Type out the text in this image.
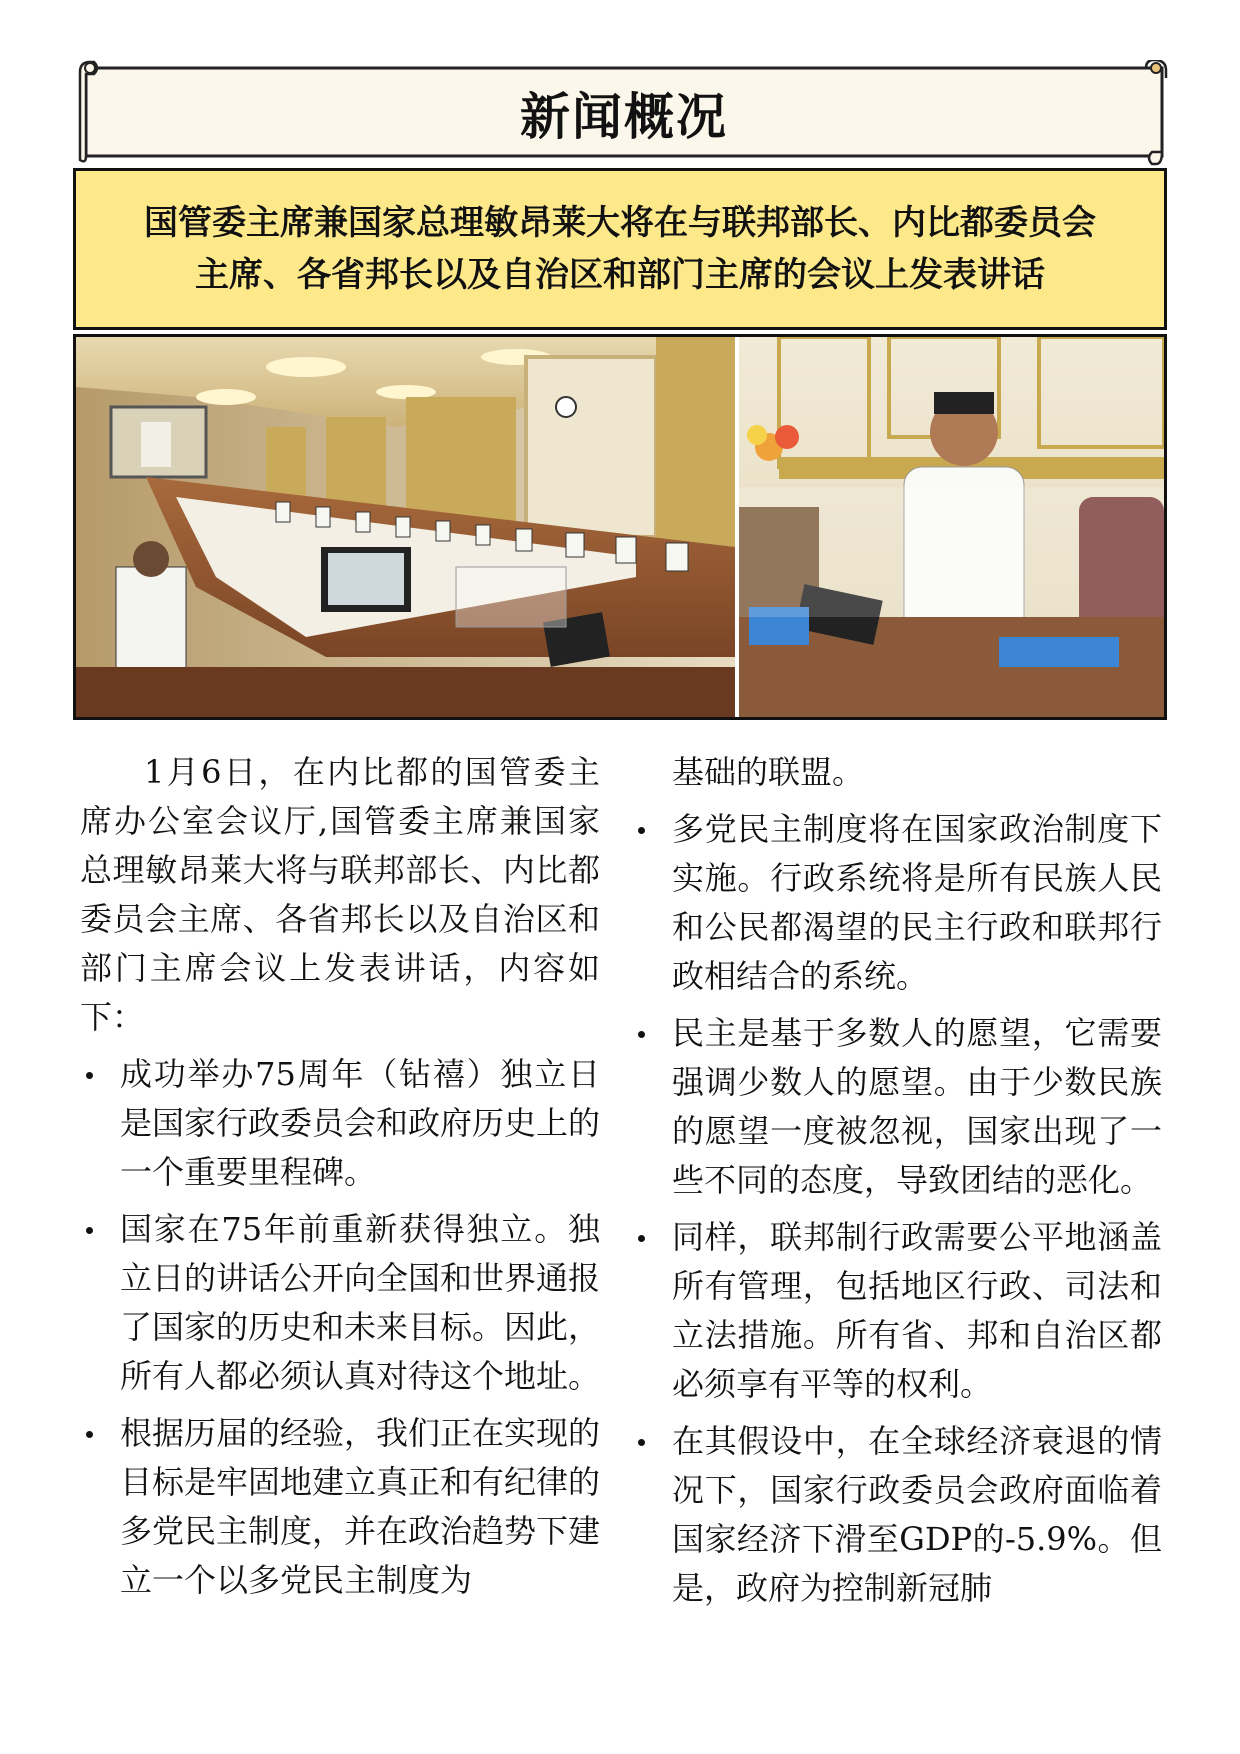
新闻概况
国管委主席兼国家总理敏昂莱大将在与联邦部长、内比都委员会
主席、各省邦长以及自治区和部门主席的会议上发表讲话

1月6日，在内比都的国管委主席办公室会议厅,国管委主席兼国家总理敏昂莱大将与联邦部长、内比都委员会主席、各省邦长以及自治区和部门主席会议上发表讲话，内容如下：

成功举办75周年（钻禧）独立日是国家行政委员会和政府历史上的一个重要里程碑。
国家在75年前重新获得独立。独立日的讲话公开向全国和世界通报了国家的历史和未来目标。因此，所有人都必须认真对待这个地址。
根据历届的经验，我们正在实现的目标是牢固地建立真正和有纪律的多党民主制度，并在政治趋势下建立一个以多党民主制度为

基础的联盟。

多党民主制度将在国家政治制度下实施。行政系统将是所有民族人民和公民都渴望的民主行政和联邦行政相结合的系统。
民主是基于多数人的愿望，它需要强调少数人的愿望。由于少数民族的愿望一度被忽视，国家出现了一些不同的态度，导致团结的恶化。
同样，联邦制行政需要公平地涵盖所有管理，包括地区行政、司法和立法措施。所有省、邦和自治区都必须享有平等的权利。
在其假设中，在全球经济衰退的情况下，国家行政委员会政府面临着国家经济下滑至GDP的-5.9%。但是，政府为控制新冠肺
